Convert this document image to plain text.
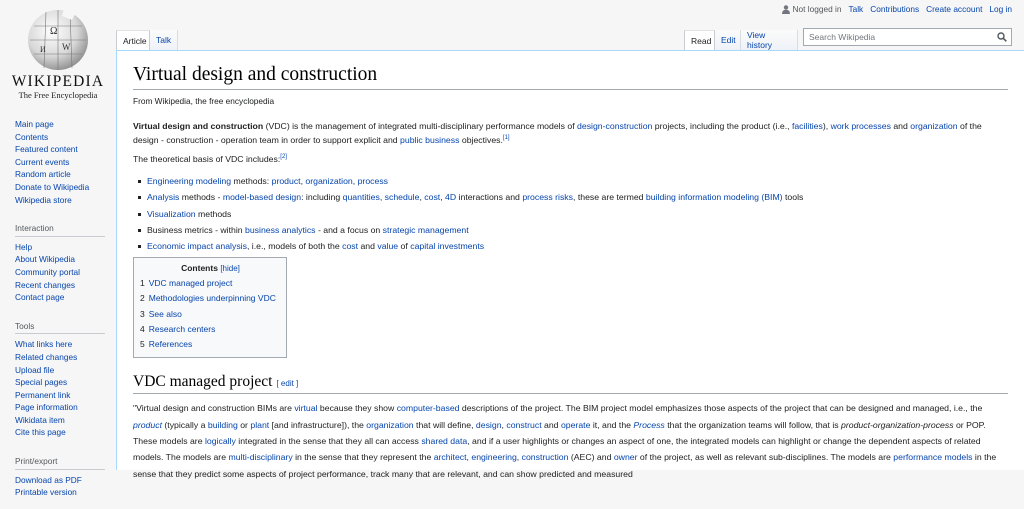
Ω
W
И
WIKIPEDIA
The Free Encyclopedia
Main page
Contents
Featured content
Current events
Random article
Donate to Wikipedia
Wikipedia store
Interaction
Help
About Wikipedia
Community portal
Recent changes
Contact page
Tools
What links here
Related changes
Upload file
Special pages
Permanent link
Page information
Wikidata item
Cite this page
Print/export
Download as PDF
Printable version
Not logged in Talk Contributions Create account Log in
Article	Talk	Read	Edit	View history
Search Wikipedia
Virtual design and construction
From Wikipedia, the free encyclopedia

Virtual design and construction (VDC) is the management of integrated multi-disciplinary performance models of design-construction projects, including the product (i.e., facilities), work processes and organization of the design - construction - operation team in order to support explicit and public business objectives.[1]

The theoretical basis of VDC includes:[2]

Engineering modeling methods: product, organization, process
Analysis methods - model-based design: including quantities, schedule, cost, 4D interactions and process risks, these are termed building information modeling (BIM) tools
Visualization methods
Business metrics - within business analytics - and a focus on strategic management
Economic impact analysis, i.e., models of both the cost and value of capital investments
Contents [hide]
1 VDC managed project
2 Methodologies underpinning VDC
3 See also
4 Research centers
5 References
VDC managed project [ edit ]

"Virtual design and construction BIMs are virtual because they show computer-based descriptions of the project. The BIM project model emphasizes those aspects of the project that can be designed and managed, i.e., the product (typically a building or plant [and infrastructure]), the organization that will define, design, construct and operate it, and the Process that the organization teams will follow, that is product-organization-process or POP. These models are logically integrated in the sense that they all can access shared data, and if a user highlights or changes an aspect of one, the integrated models can highlight or change the dependent aspects of related models. The models are multi-disciplinary in the sense that they represent the architect, engineering, construction (AEC) and owner of the project, as well as relevant sub-disciplines. The models are performance models in the sense that they predict some aspects of project performance, track many that are relevant, and can show predicted and measured
